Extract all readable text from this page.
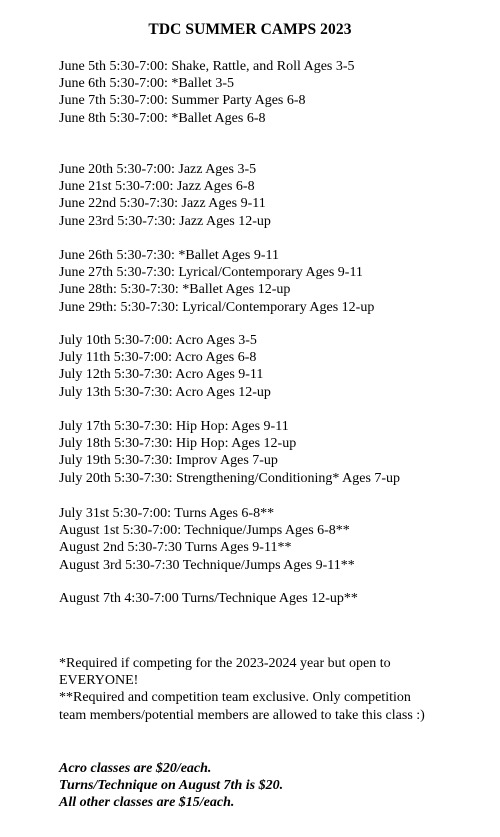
TDC SUMMER CAMPS 2023
June 5th 5:30-7:00: Shake, Rattle, and Roll Ages 3-5
June 6th 5:30-7:00: *Ballet 3-5
June 7th 5:30-7:00: Summer Party Ages 6-8
June 8th 5:30-7:00: *Ballet Ages 6-8
June 20th 5:30-7:00: Jazz Ages 3-5
June 21st 5:30-7:00: Jazz Ages 6-8
June 22nd 5:30-7:30: Jazz Ages 9-11
June 23rd 5:30-7:30: Jazz Ages 12-up
June 26th 5:30-7:30: *Ballet Ages 9-11
June 27th 5:30-7:30: Lyrical/Contemporary Ages 9-11
June 28th: 5:30-7:30: *Ballet Ages 12-up
June 29th: 5:30-7:30: Lyrical/Contemporary Ages 12-up
July 10th 5:30-7:00: Acro Ages 3-5
July 11th 5:30-7:00: Acro Ages 6-8
July 12th 5:30-7:30: Acro Ages 9-11
July 13th 5:30-7:30: Acro Ages 12-up
July 17th 5:30-7:30: Hip Hop: Ages 9-11
July 18th 5:30-7:30: Hip Hop: Ages 12-up
July 19th 5:30-7:30: Improv Ages 7-up
July 20th 5:30-7:30: Strengthening/Conditioning* Ages 7-up
July 31st 5:30-7:00: Turns Ages 6-8**
August 1st 5:30-7:00: Technique/Jumps Ages 6-8**
August 2nd 5:30-7:30 Turns Ages 9-11**
August 3rd 5:30-7:30 Technique/Jumps Ages 9-11**
August 7th 4:30-7:00 Turns/Technique Ages 12-up**

*Required if competing for the 2023-2024 year but open to EVERYONE!

**Required and competition team exclusive. Only competition team members/potential members are allowed to take this class :)

Acro classes are $20/each.

Turns/Technique on August 7th is $20.

All other classes are $15/each.
